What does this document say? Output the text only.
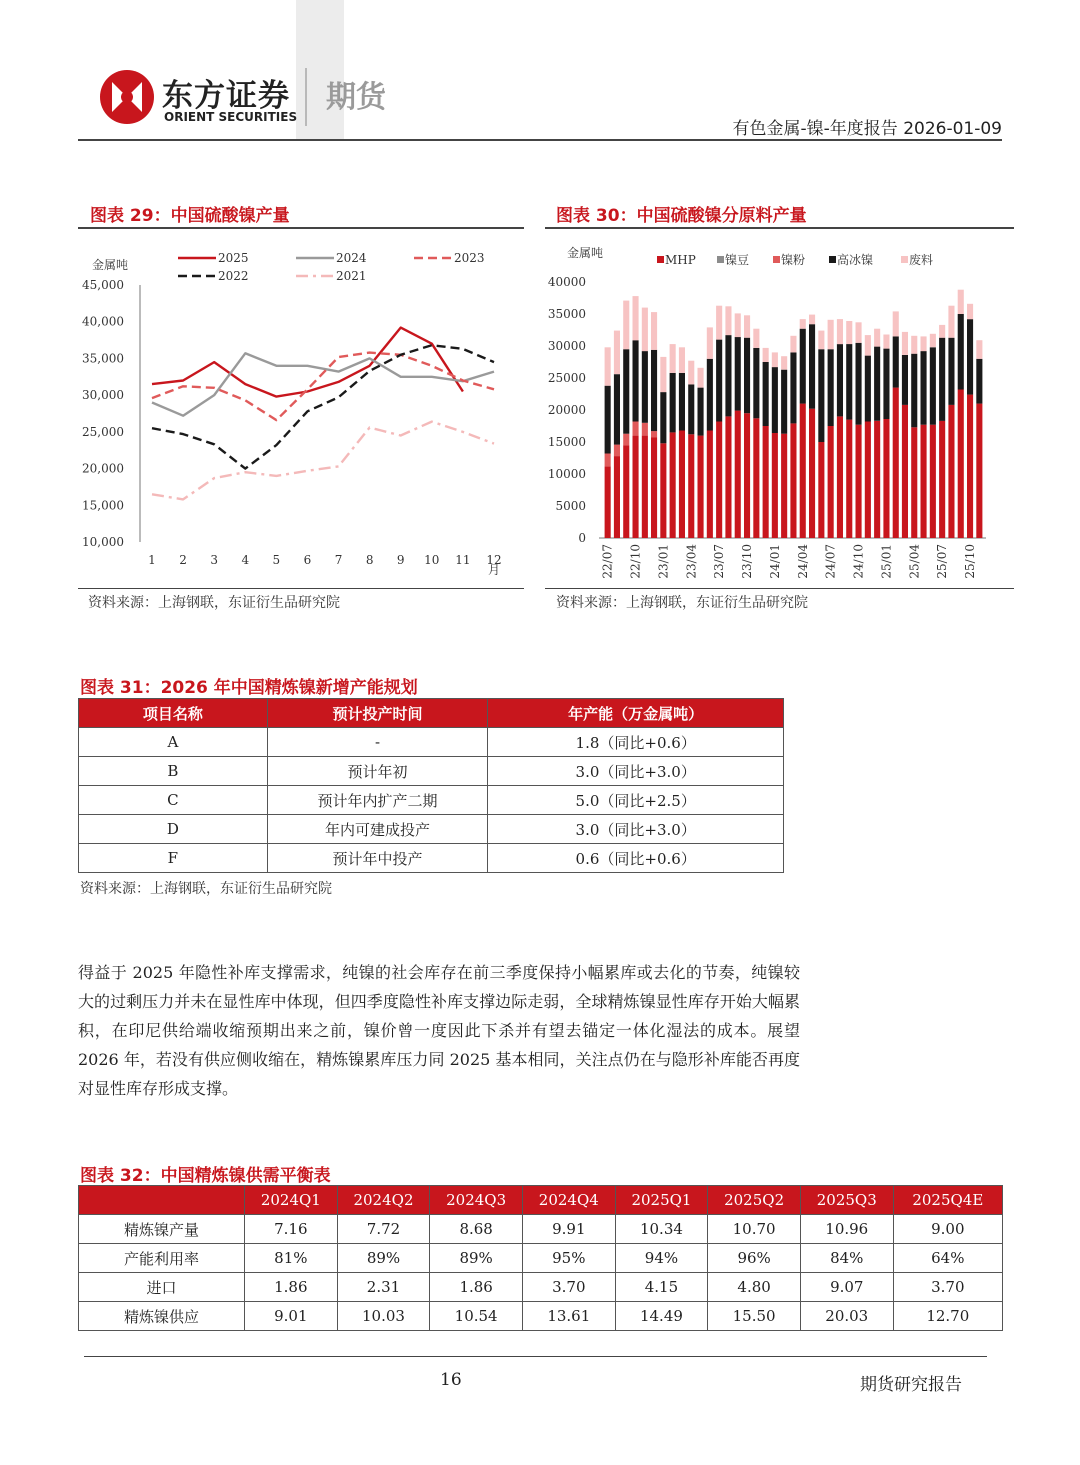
东方证券
ORIENT SECURITIES
期货
有色金属-镍-年度报告 2026-01-09
图表 29：中国硫酸镍产量
10,000
15,000
20,000
25,000
30,000
35,000
40,000
45,000
1 2 3 4 5 6 7 8 9 10 11 12
金属吨
月
2025	2024	2023
2022	2021
资料来源：上海钢联，东证衍生品研究院
图表 30：中国硫酸镍分原料产量
0
5000
10000
15000
20000
25000
30000
35000
40000
金属吨
22/07 22/10 23/01 23/04 23/07 23/10 24/01 24/04 24/07 24/10 25/01 25/04 25/07 25/10
MHP 镍豆	镍粉	高冰镍	废料
资料来源：上海钢联，东证衍生品研究院
图表 31：2026 年中国精炼镍新增产能规划
项目名称	预计投产时间	年产能（万金属吨）
A	-	1.8（同比+0.6）
B	预计年初	3.0（同比+3.0）
C	预计年内扩产二期	5.0（同比+2.5）
D	年内可建成投产	3.0（同比+3.0）
F	预计年中投产	0.6（同比+0.6）
资料来源：上海钢联，东证衍生品研究院
得益于 2025 年隐性补库支撑需求，纯镍的社会库存在前三季度保持小幅累库或去化的节奏，纯镍较大的过剩压力并未在显性库中体现，但四季度隐性补库支撑边际走弱，全球精炼镍显性库存开始大幅累积，在印尼供给端收缩预期出来之前，镍价曾一度因此下杀并有望去锚定一体化湿法的成本。展望 2026 年，若没有供应侧收缩在，精炼镍累库压力同 2025 基本相同，关注点仍在与隐形补库能否再度对显性库存形成支撑。
图表 32：中国精炼镍供需平衡表
	2024Q1	2024Q2	2024Q3	2024Q4	2025Q1	2025Q2	2025Q3	2025Q4E
精炼镍产量	7.16	7.72	8.68	9.91	10.34	10.70	10.96	9.00
产能利用率	81%	89%	89%	95%	94%	96%	84%	64%
进口	1.86	2.31	1.86	3.70	4.15	4.80	9.07	3.70
精炼镍供应	9.01	10.03	10.54	13.61	14.49	15.50	20.03	12.70
16	期货研究报告
